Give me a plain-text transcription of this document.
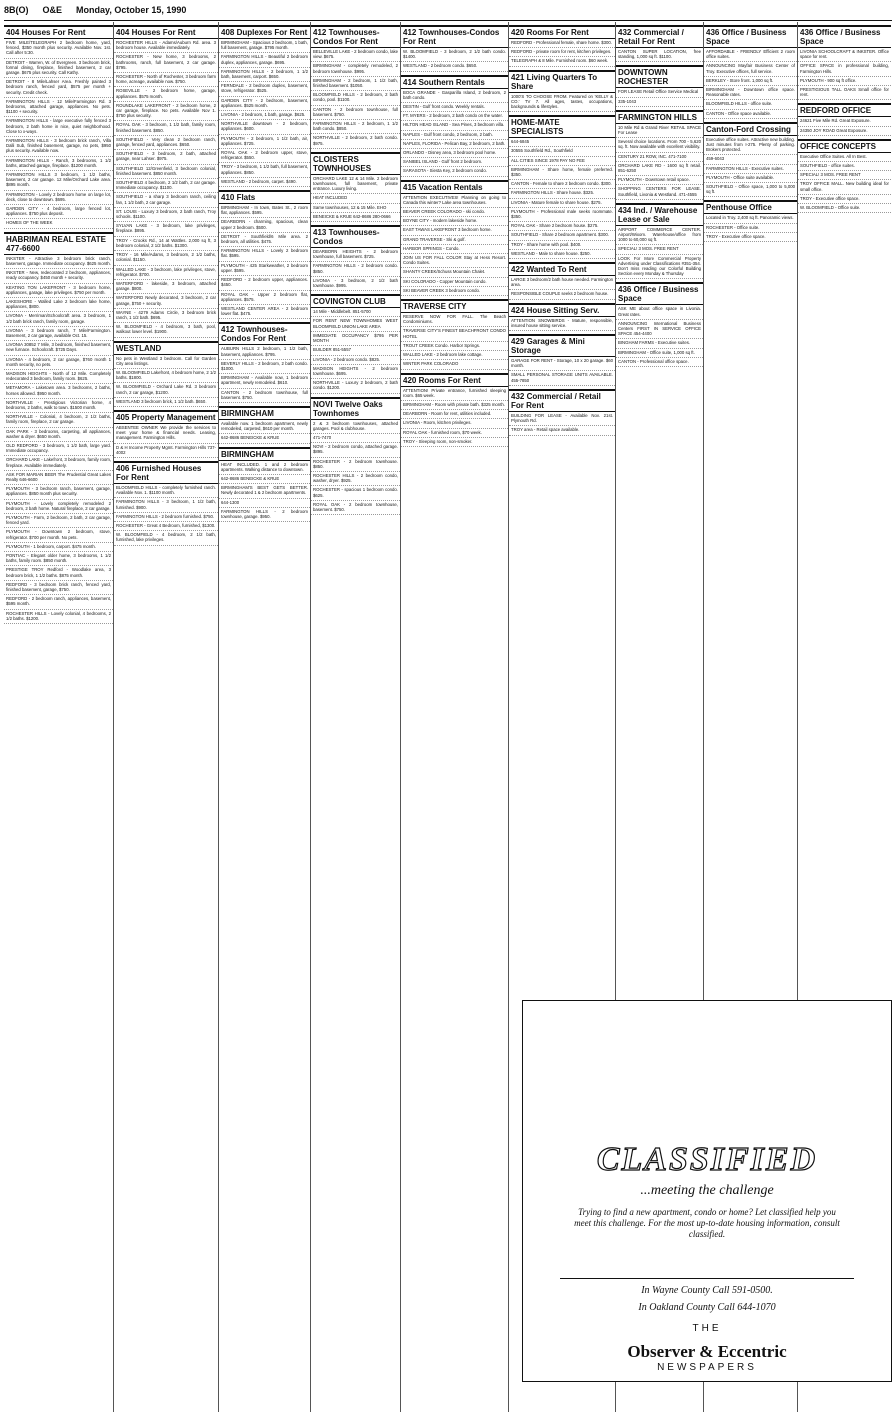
8B(O) O&E Monday, October 15, 1990
404 Houses For Rent
FIVE MILE/TELEGRAPH 2 bedroom home, yard, fenced, $350 month plus security. Available Nov. 1st. Call after 5:30.
DETROIT - Warren, W. of Evergreen. 3 bedroom brick, formal dining, fireplace, finished basement, 2 car garage. $675 plus security. Call Kathy.
DETROIT - 8 Mile/Lahser Area. Freshly painted 3 bedroom ranch, fenced yard, $575 per month + security. Credit check.
FARMINGTON HILLS - 12 Mile/Farmington Rd. 3 bedrooms, attached garage, appliances. No pets. $1100 + security.
FARMINGTON HILLS - large executive fully fenced 3 bedroom, 2 bath home in nice, quiet neighborhood. Close to x-ways.
FARMINGTON HILLS - 3 bedroom brick ranch, Villa Dalli Sub, finished basement, garage, no pets, $950 plus security. Available now.
FARMINGTON HILLS - Ranch, 3 bedrooms, 1 1/2 baths, attached garage, fireplace. $1200 month.
FARMINGTON HILLS 3 bedroom, 1 1/2 baths, basement, 2 car garage. 12 Mile/Orchard Lake area. $895 month.
FARMINGTON - Lovely 2 bedroom home on large lot, deck, close to downtown. $695.
GARDEN CITY - 4 bedroom, large fenced lot, appliances. $750 plus deposit.
HOMES OF THE WEEK
HABRIMAN REAL ESTATE 477-6600
INKSTER - Attractive 3 bedroom brick ranch, basement, garage. Immediate occupancy. $625 month.
INKSTER - New, redecorated 2 bedroom, appliances, ready occupancy. $450 month + security.
KEATING TON LAKEFRONT - 3 bedroom home, appliances, garage, lake privileges. $750 per month.
LAKESHORE - Walled Lake 2 bedroom lake home, appliances, $800.
LIVONIA - Merriman/Schoolcraft area. 3 bedroom, 1 1/2 bath brick ranch, family room, garage.
LIVONIA - 3 bedroom ranch, 7 Mile/Farmington. Basement, 2 car garage, available Oct. 15.
LIVONIA 30852 7 Mile, 3 bedroom, finished basement, new furnace. Schoolcraft. $725 Days.
LIVONIA - 4 bedroom, 2 car garage, $760 month 1 month security, no pets.
MADISON HEIGHTS - North of 12 Mile. Completely redecorated 3 bedroom, family room. $625.
METAMORA - Laketown area. 3 bedrooms, 2 baths, horses allowed. $950 month.
NORTHVILLE - Prestigious Victorian home, 4 bedrooms, 2 baths, walk to town. $1500 month.
NORTHVILLE - Colonial, 4 bedroom, 2 1/2 baths, family room, fireplace, 2 car garage.
OAK PARK - 3 bedrooms, carpeting, all appliances, washer & dryer. $650 month.
OLD REDFORD - 3 bedroom, 1 1/2 bath, large yard. Immediate occupancy.
ORCHARD LAKE - Lakefront, 3 bedroom, family room, fireplace. Available immediately.
ASK FOR MARIAN BEER The Prudential Great Lakes Realty 646-6600
PLYMOUTH - 3 bedroom ranch, basement, garage, appliances. $850 month plus security.
PLYMOUTH - Lovely completely remodeled 2 bedroom, 2 bath home. Natural fireplace, 2 car garage.
PLYMOUTH - Farm, 2 bedroom, 2 bath, 2 car garage, fenced yard.
PLYMOUTH - Downtown 2 bedroom, stove, refrigerator. $700 per month. No pets.
PLYMOUTH - 1 bedroom, carport. $475 month.
PONTIAC - Elegant older home, 3 bedrooms, 1 1/2 baths, family room. $850 month.
PRESTIGE TROY Redford - Woodlake area, 3 bedroom brick, 1 1/2 baths. $875 month.
REDFORD - 3 bedroom brick ranch, fenced yard, finished basement, garage, $750.
REDFORD - 2 bedroom ranch, appliances, basement, $595 month.
ROCHESTER HILLS - Lovely colonial, 4 bedrooms, 2 1/2 baths. $1200.
404 Houses For Rent
ROCHESTER HILLS - Adams/Auburn Rd. area. 3 bedroom house. Available immediately.
ROCHESTER - New home, 3 bedrooms, 2 bathrooms, ranch, full basement, 2 car garage. $795.
ROCHESTER - North of Rochester, 3 bedroom farm home, acreage, available now. $750.
ROSEVILLE - 2 bedroom home, garage, appliances. $575 month.
ROUNDLAKE LAKEFRONT - 2 bedroom home, 2 car garage, fireplace. No pets. Available Nov 1. $750 plus security.
ROYAL OAK - 3 bedroom, 1 1/2 bath, family room, finished basement. $850.
SOUTHFIELD - Very clean 2 bedroom ranch, garage, fenced yard, appliances. $650.
SOUTHFIELD - 3 bedroom, 2 bath, attached garage, near Lahser. $975.
SOUTHFIELD 12/Greenfield, 3 bedroom colonial, finished basement. $850 month.
SOUTHFIELD 4 bedroom, 2 1/2 bath, 2 car garage. Immediate occupancy. $1100.
SOUTHFIELD - a sharp 3 bedroom ranch, ceiling fan, 1 1/2 bath, 2 car garage.
ST. LOUIS - Luxury 3 bedroom, 2 bath ranch, Troy schools. $1100.
SYLVAN LAKE - 3 bedroom, lake privileges, fireplace. $895.
TROY - Crooks Rd., 14 at Wattles. 2,000 sq ft, 3 bedroom colonial, 2 1/2 baths. $1300.
TROY - 16 Mile/Adams, 3 bedroom, 2 1/2 baths, colonial. $1150.
WALLED LAKE - 3 bedroom, lake privileges, stove, refrigerator. $700.
WATERFORD - lakeside, 3 bedroom, attached garage. $800.
WATERFORD Newly decorated, 3 bedroom, 2 car garage, $750 + security.
WAYNE - 4279 Adams Circle, 3 bedroom brick ranch, 1 1/2 bath. $695.
W. BLOOMFIELD - 4 bedroom, 3 bath, pool, walkout lower level. $1900.
WESTLAND
No pets in Westland 3 bedroom. Call for Garden City area listings.
W. BLOOMFIELD Lakefront, 4 bedroom home, 2 1/2 baths. $1800.
W. BLOOMFIELD - Orchard Lake Rd. 3 bedroom ranch, 2 car garage, $1200.
WESTLAND 3 bedroom brick, 1 1/2 bath. $650.
405 Property Management
ABSENTEE OWNER We provide the services to meet your home & financial needs. Leasing, management. Farmington Hills.
D & H Income Property Mgmt. Farmington Hills 737-4002
406 Furnished Houses For Rent
BLOOMFIELD HILLS - completely furnished ranch. Available Nov. 1. $1100 month.
FARMINGTON HILLS - 3 bedroom, 1 1/2 bath, furnished. $900.
FARMINGTON HILLS - 2 bedroom furnished. $750.
ROCHESTER - Great 4 Bedroom, furnished, $1300.
W. BLOOMFIELD - 4 bedroom, 2 1/2 bath, furnished, lake privileges.
408 Duplexes For Rent
BIRMINGHAM - Spacious 2 bedroom, 1 bath, full basement, garage. $795 month.
FARMINGTON HILLS - Beautiful 2 bedroom duplex, appliances, garage. $695.
FARMINGTON HILLS - 2 bedroom, 1 1/2 bath, basement, carport. $650.
FERNDALE - 2 bedroom duplex, basement, stove, refrigerator. $525.
GARDEN CITY - 2 bedroom, basement, appliances. $525 month.
LIVONIA - 2 bedroom, 1 bath, garage. $625.
NORTHVILLE downtown - 2 bedroom, appliances. $600.
PLYMOUTH - 2 bedroom, 1 1/2 bath, air, appliances. $725.
ROYAL OAK - 2 bedroom upper, stove, refrigerator. $550.
TROY - 3 bedroom, 1 1/2 bath, full basement, appliances. $850.
WESTLAND - 2 bedroom, carpet. $490.
410 Flats
BIRMINGHAM - In town, Bates St., 2 room flat, appliances. $595.
DEARBORN - charming, spacious, clean upper 2 bedroom. $500.
DETROIT - Southfield/6 Mile area. 2 bedroom, all utilities. $475.
FARMINGTON HILLS - Lovely 2 bedroom flat. $595.
PLYMOUTH - 425 Starkweather, 2 bedroom upper. $595.
REDFORD - 2 bedroom upper, appliances. $450.
ROYAL OAK - Upper 2 bedroom flat, appliances. $575.
WESTLAND CENTER AREA - 2 bedroom lower flat. $475.
412 Townhouses-Condos For Rent
AUBURN HILLS 2 bedroom, 1 1/2 bath, basement, appliances. $795.
BEVERLY HILLS - 2 bedroom, 2 bath condo. $1000.
BIRMINGHAM - Available now, 1 bedroom apartment, newly remodeled. $610.
CANTON - 2 bedroom townhouse, full basement. $750.
BIRMINGHAM
Available now. 1 bedroom apartment, newly remodeled, carpeted, $610 per month.
642-8686 BENEICKE & KRUE
BIRMINGHAM
HEAT INCLUDED. 1 and 2 bedroom apartments. Walking distance to downtown.
642-8686 BENEICKE & KRUE
BIRMINGHAM'S BEST GETS BETTER. Newly decorated 1 & 2 bedroom apartments.
644-1300
FARMINGTON HILLS - 2 bedroom townhouse, garage. $950.
412 Townhouses-Condos For Rent
BELLEVILLE LAKE - 2 bedroom condo, lake view. $675.
BIRMINGHAM - completely remodeled, 2 bedroom townhouse. $995.
BIRMINGHAM - 2 bedroom, 1 1/2 bath, finished basement. $1050.
BLOOMFIELD HILLS - 2 bedroom, 2 bath condo, pool. $1100.
CANTON - 2 bedroom townhouse, full basement. $750.
FARMINGTON HILLS - 2 bedroom, 1 1/2 bath condo. $850.
NORTHVILLE - 2 bedroom, 2 bath condo. $975.
CLOISTERS TOWNHOUSES
ORCHARD LAKE 12 & 14 Mile. 2 bedroom townhouses, full basement, private entrance. Luxury living.
HEAT INCLUDED
Same townhouses, 12 & 15 Mile. EHO
BENEICKE & KRUE 642-8686 280-0666
413 Townhouses-Condos
DEARBORN HEIGHTS - 2 bedroom townhouse, full basement. $725.
FARMINGTON HILLS - 2 bedroom condo. $850.
LIVONIA - 3 bedroom, 2 1/2 bath townhouse. $995.
COVINGTON CLUB
14 Mile - Middlebelt. 851-5700
FOR RENT NEW TOWNHOMES WEST BLOOMFIELD UNION LAKE AREA
IMMEDIATE OCCUPANCY $795 PER MONTH
BUILDER 851-5557
LIVONIA - 2 bedroom condo. $825.
MADISON HEIGHTS - 2 bedroom townhouse. $695.
NORTHVILLE - Luxury 2 bedroom, 2 bath condo. $1200.
NOVI Twelve Oaks Townhomes
2 & 3 bedroom townhouses, attached garages. Pool & clubhouse.
471-7470
NOVI - 2 bedroom condo, attached garage. $895.
ROCHESTER - 2 bedroom townhouse. $850.
ROCHESTER HILLS - 2 bedroom condo, washer, dryer. $925.
ROCHESTER - spacious 1 bedroom condo. $625.
ROYAL OAK - 2 bedroom townhouse, basement. $750.
412 Townhouses-Condos For Rent
W. BLOOMFIELD - 3 bedroom, 2 1/2 bath condo. $1400.
WESTLAND - 2 bedroom condo. $650.
414 Southern Rentals
BOCA GRANDE - Gasparilla Island, 2 bedroom, 2 bath condo.
DESTIN - Gulf front condo. Weekly rentals.
FT. MYERS - 2 bedroom, 2 bath condo on the water.
HILTON HEAD ISLAND - Sea Pines, 3 bedroom villa.
NAPLES - Gulf front condo, 2 bedroom, 2 bath.
NAPLES, FLORIDA - Pelican Bay, 2 bedroom, 2 bath.
ORLANDO - Disney area, 3 bedroom pool home.
SANIBEL ISLAND - Gulf front 2 bedroom.
SARASOTA - Siesta Key, 2 bedroom condo.
415 Vacation Rentals
ATTENTION EXECUTIVES! Planning on going to Canada this winter? Lake area townhouses.
BEAVER CREEK COLORADO - ski condo.
BOYNE CITY - modern lakeside home.
EAST TAWAS LAKEFRONT 3 bedroom home.
GRAND TRAVERSE - Ski & golf.
HARBOR SPRINGS - Condo.
JOIN US FOR FALL COLOR Stay at Hess Resort. Condo Suites.
SHANTY CREEK/Schuss Mountain Chalet.
SKI COLORADO - Copper Mountain condo.
SKI BEAVER CREEK 3 bedroom condo.
TRAVERSE CITY
RESERVE NOW FOR FALL. The Beach Condominiums.
TRAVERSE CITY'S FINEST BEACHFRONT CONDO HOTEL
TROUT CREEK Condo. Harbor Springs.
WALLED LAKE - 2 bedroom lake cottage.
WINTER PARK COLORADO
420 Rooms For Rent
ATTENTION! Private entrance, furnished sleeping room. $65 week.
BIRMINGHAM - Room with private bath. $325 month.
DEARBORN - Room for rent, utilities included.
LIVONIA - Room, kitchen privileges.
ROYAL OAK - furnished room, $70 week.
TROY - Sleeping room, non-smoker.
420 Rooms For Rent
REDFORD - Professional female, share home. $300.
REDFORD - private room for rent, kitchen privileges.
TELEGRAPH & 8 Mile. Furnished room. $60 week.
421 Living Quarters To Share
1000'S TO CHOOSE FROM. Featured on 'KELLY & CO.' TV 7. All ages, tastes, occupations, backgrounds & lifestyles.
HOME-MATE SPECIALISTS
644-6845
30555 Southfield Rd., Southfield
ALL CITIES SINCE 1978 PAY NO FEE
BIRMINGHAM - Share home, female preferred. $350.
CANTON - Female to share 2 bedroom condo. $300.
FARMINGTON HILLS - Share house. $325.
LIVONIA - Mature female to share house. $275.
PLYMOUTH - Professional male seeks roommate. $350.
ROYAL OAK - Share 2 bedroom house. $275.
SOUTHFIELD - Share 2 bedroom apartment. $300.
TROY - Share home with pool. $400.
WESTLAND - Male to share house. $250.
422 Wanted To Rent
LARGE 3 bedroom/2 bath house needed. Farmington area.
RESPONSIBLE COUPLE seeks 2 bedroom house.
424 House Sitting Serv.
ATTENTION SNOWBIRDS - Mature, responsible, insured house sitting service.
429 Garages & Mini Storage
GARAGE FOR RENT - Storage, 10 x 20 garage. $60 month.
SMALL PERSONAL STORAGE UNITS AVAILABLE. 455-7850
432 Commercial / Retail For Rent
BUILDING FOR LEASE - Available Nov. 21st. Plymouth Rd.
TROY area - Retail space available.
432 Commercial / Retail For Rent
CANTON SUPER LOCATION, free standing, 1,000 sq ft. $1100.
DOWNTOWN ROCHESTER
FOR LEASE Retail Office Service Medical
335-1043
FARMINGTON HILLS
10 Mile Rd & Grand River RETAIL SPACE For Lease
Several choice locations. From 700 - 5,620 sq. ft. Now available with excellent visibility.
CENTURY 21 ROW, INC. 471-7100
ORCHARD LAKE RD - 1600 sq ft retail. 851-6250
PLYMOUTH - Downtown retail space.
SHOPPING CENTERS FOR LEASE. Southfield, Livonia & Westland. 471-4555
434 Ind. / Warehouse Lease or Sale
AIRPORT COMMERCE CENTER. Airport/Wixom. Warehouse/office from 1000 to 60,000 sq ft.
SPECIAL! 3 MOS. FREE RENT
LOOK For More Commercial Property Advertising under Classifications #351-354. Don't miss reading our Colorful Building Section every Monday & Thursday
436 Office / Business Space
ASK ME about office space in Livonia. Great rates.
ANNOUNCING International Business Centers FIRST IN SERVICE OFFICE SPACE 454-4400
BINGHAM FARMS - Executive suites.
BIRMINGHAM - Office suite, 1,000 sq ft.
CANTON - Professional office space.
436 Office / Business Space
AFFORDABLE - FRIENDLY Efficient 2 room office suites.
ANNOUNCING Mayfair Business Center of Troy. Executive offices, full service.
BERKLEY - Store front. 1,000 sq ft.
BIRMINGHAM - Downtown office space. Reasonable rates.
BLOOMFIELD HILLS - office suite.
CANTON - Office space available.
Canton-Ford Crossing
Executive office suites. Attractive new building. Just minutes from I-275. Plenty of parking. Brokers protected.
459-6043
FARMINGTON HILLS - Executive suites.
PLYMOUTH - Office suite available.
SOUTHFIELD - Office space, 1,000 to 5,000 sq ft.
Penthouse Office
Located in Troy. 2,400 sq ft. Panoramic views.
ROCHESTER - Office suite.
TROY - Executive office space.
436 Office / Business Space
LIVONIA SCHOOLCRAFT & INKSTER. Office space for rent.
OFFICE SPACE in professional building, Farmington Hills.
PLYMOUTH - 900 sq ft office.
PRESTIGIOUS TALL OAKS Small office for rent.
REDFORD OFFICE
24621 Five Mile Rd. Great Exposure.
24350 JOY ROAD Great Exposure.
OFFICE CONCEPTS
Executive Office Suites. All In Best.
SOUTHFIELD - office suites.
SPECIAL! 3 MOS. FREE RENT
TROY OFFICE MALL. New building ideal for small office.
TROY - Executive office space.
W. BLOOMFIELD - Office suite.
CLASSIFIED
...meeting the challenge
Trying to find a new apartment, condo or home? Let classified help you meet this challenge. For the most up-to-date housing information, consult classified.
In Wayne County Call 591-0500.
In Oakland County Call 644-1070
THE
Observer & Eccentric
NEWSPAPERS
